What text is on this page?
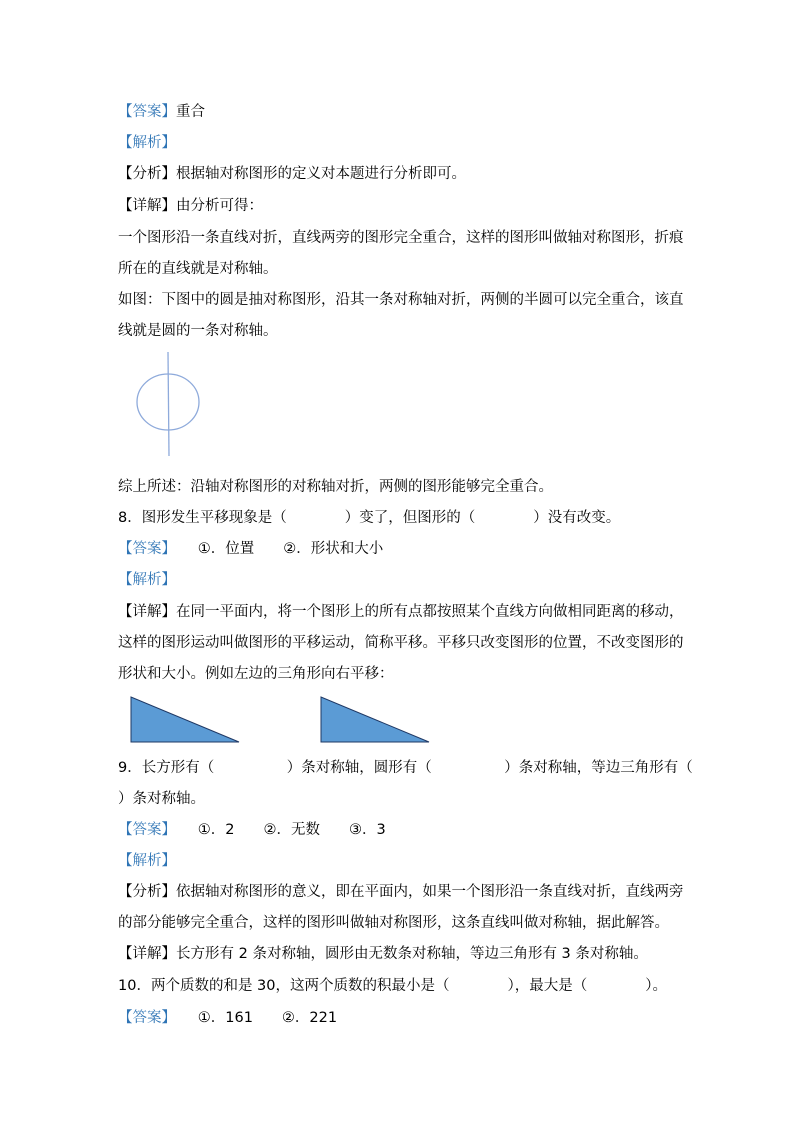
【答案】重合
【解析】
【分析】根据轴对称图形的定义对本题进行分析即可。
【详解】由分析可得：
一个图形沿一条直线对折，直线两旁的图形完全重合，这样的图形叫做轴对称图形，折痕
所在的直线就是对称轴。
如图：下图中的圆是抽对称图形，沿其一条对称轴对折，两侧的半圆可以完全重合，该直
线就是圆的一条对称轴。
综上所述：沿轴对称图形的对称轴对折，两侧的图形能够完全重合。
8．图形发生平移现象是（　　　　）变了，但图形的（　　　　）没有改变。
【答案】　　①．位置　　②．形状和大小
【解析】
【详解】在同一平面内，将一个图形上的所有点都按照某个直线方向做相同距离的移动，
这样的图形运动叫做图形的平移运动，简称平移。平移只改变图形的位置，不改变图形的
形状和大小。例如左边的三角形向右平移：
9．长方形有（　　　　　）条对称轴，圆形有（　　　　　）条对称轴，等边三角形有（
）条对称轴。
【答案】　　①．2　　②．无数　　③．3
【解析】
【分析】依据轴对称图形的意义，即在平面内，如果一个图形沿一条直线对折，直线两旁
的部分能够完全重合，这样的图形叫做轴对称图形，这条直线叫做对称轴，据此解答。
【详解】长方形有 2 条对称轴，圆形由无数条对称轴，等边三角形有 3 条对称轴。
10．两个质数的和是 30，这两个质数的积最小是（　　　　），最大是（　　　　）。
【答案】　　①．161　　②．221
